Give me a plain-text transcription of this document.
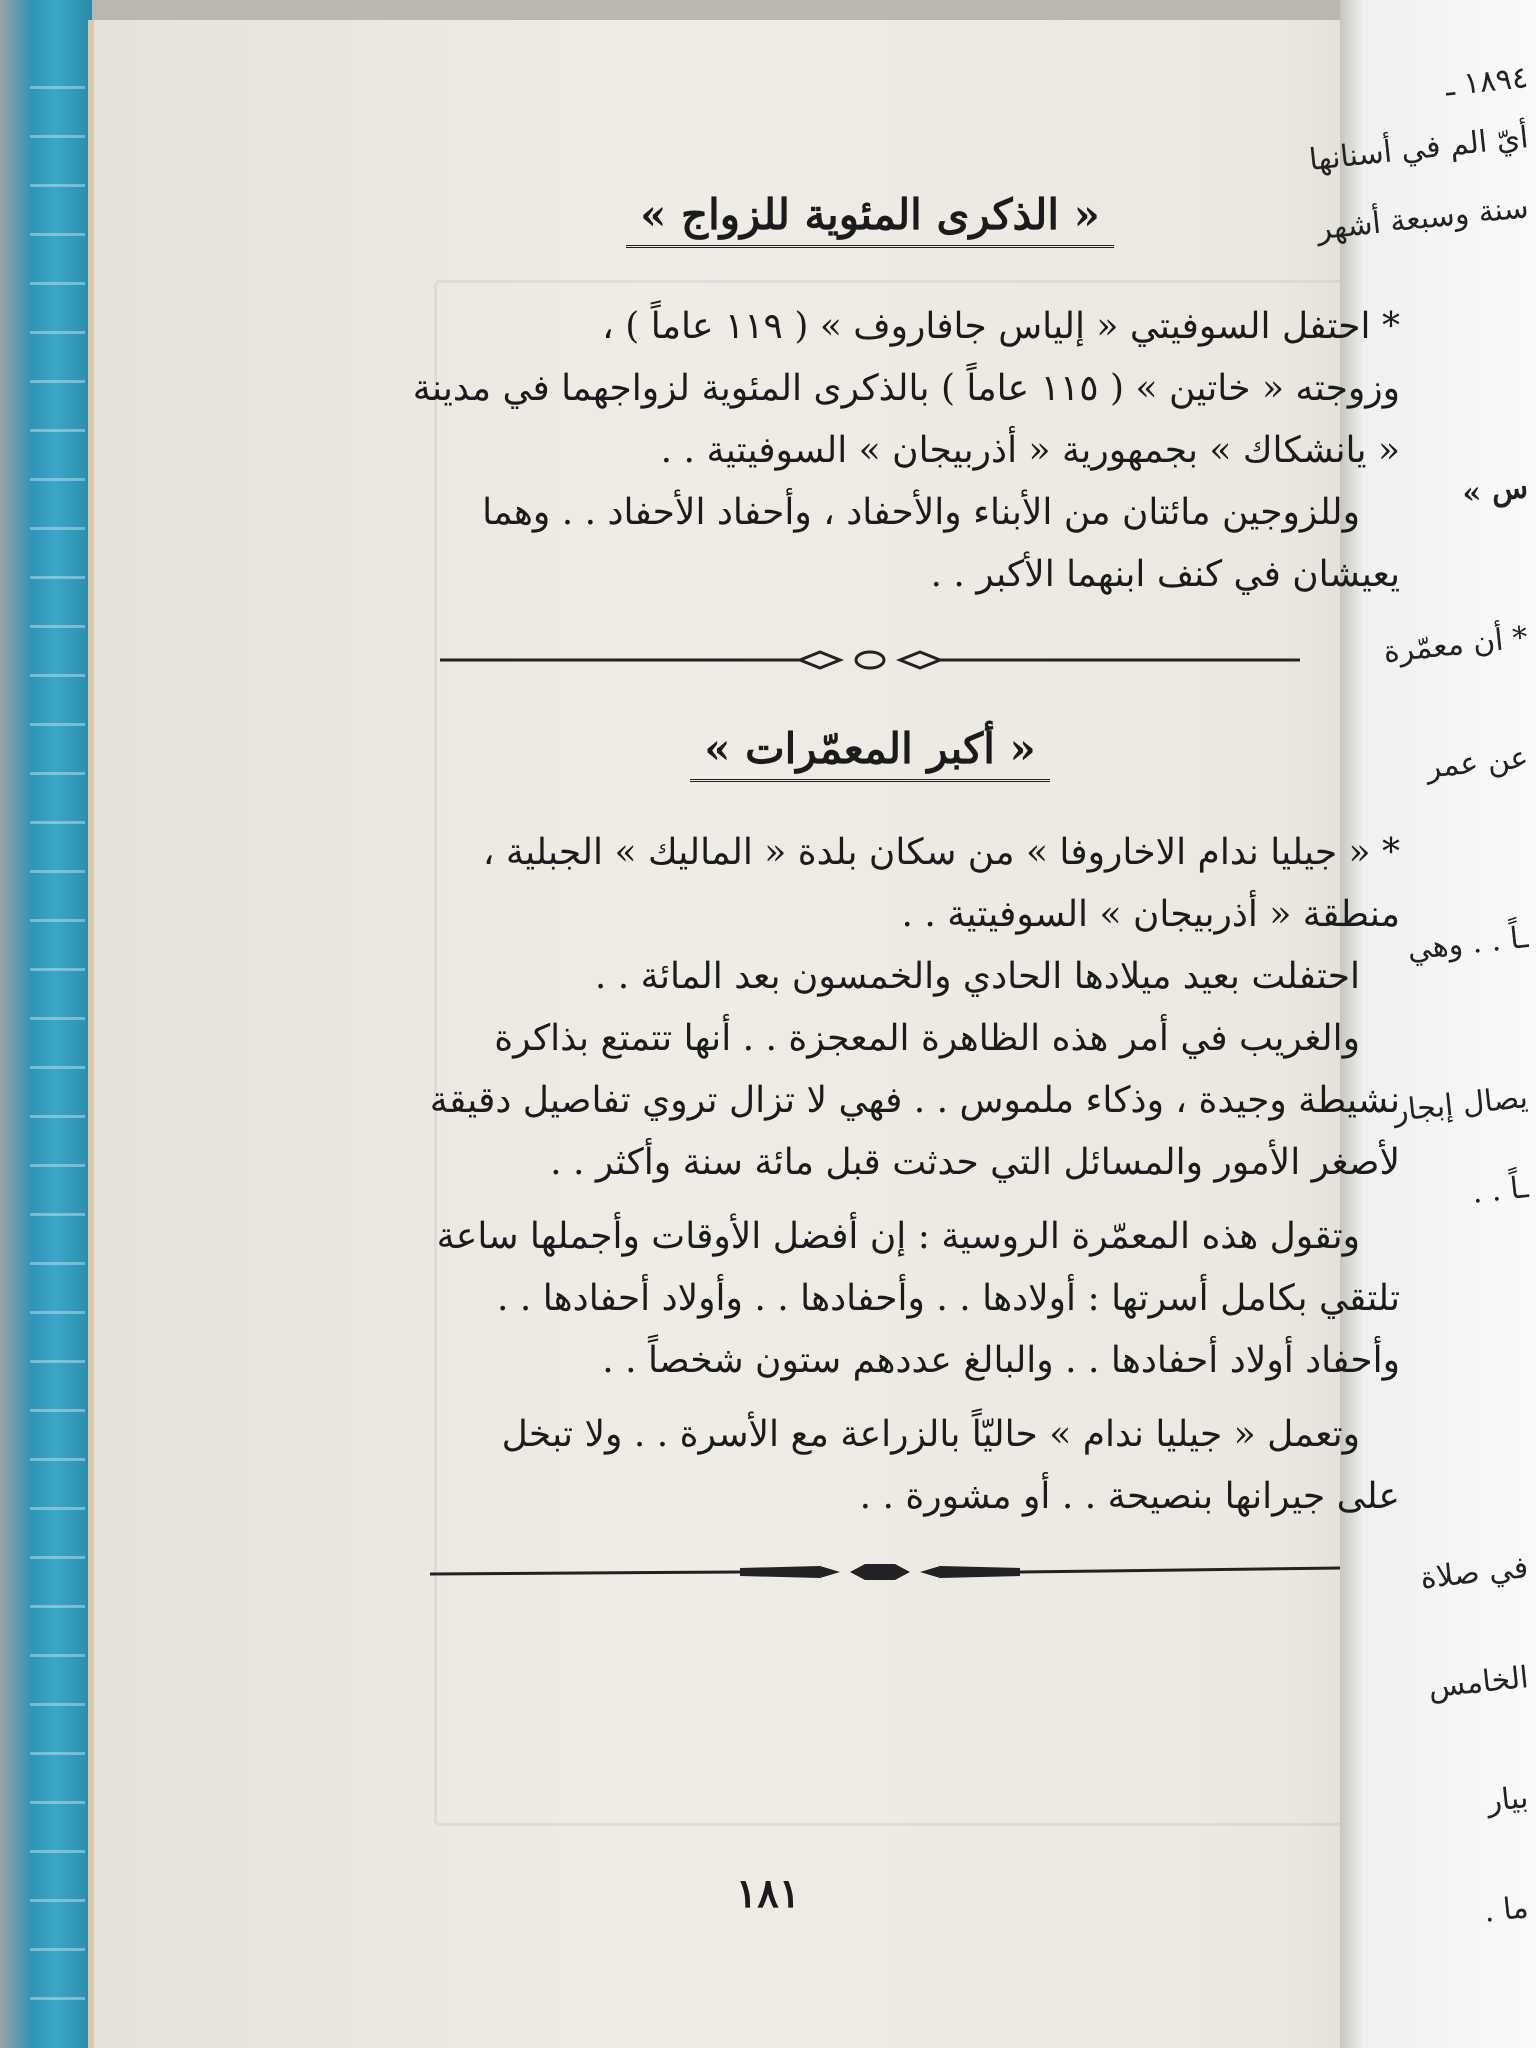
١٨٩٤ ـ
أيّ الم في أسنانها
سنة وسبعة أشهر
س »
* أن معمّرة
عن عمر
ـاً . . وهي
يصال إبجار
ـاً . .
في صلاة
الخامس
بيار
ما .
« الذكرى المئوية للزواج »

* احتفل السوفيتي « إلياس جافاروف » ( ١١٩ عاماً ) ،

وزوجته « خاتين » ( ١١٥ عاماً ) بالذكرى المئوية لزواجهما في مدينة

« يانشكاك » بجمهورية « أذربيجان » السوفيتية . .

وللزوجين مائتان من الأبناء والأحفاد ، وأحفاد الأحفاد . . وهما

يعيشان في كنف ابنهما الأكبر . .

« أكبر المعمّرات »

* « جيليا ندام الاخاروفا » من سكان بلدة « الماليك » الجبلية ،

منطقة « أذربيجان » السوفيتية . .

احتفلت بعيد ميلادها الحادي والخمسون بعد المائة . .

والغريب في أمر هذه الظاهرة المعجزة . . أنها تتمتع بذاكرة

نشيطة وجيدة ، وذكاء ملموس . . فهي لا تزال تروي تفاصيل دقيقة

لأصغر الأمور والمسائل التي حدثت قبل مائة سنة وأكثر . .

وتقول هذه المعمّرة الروسية : إن أفضل الأوقات وأجملها ساعة

تلتقي بكامل أسرتها : أولادها . . وأحفادها . . وأولاد أحفادها . .

وأحفاد أولاد أحفادها . . والبالغ عددهم ستون شخصاً . .

وتعمل « جيليا ندام » حاليّاً بالزراعة مع الأسرة . . ولا تبخل

على جيرانها بنصيحة . . أو مشورة . .

١٨١
